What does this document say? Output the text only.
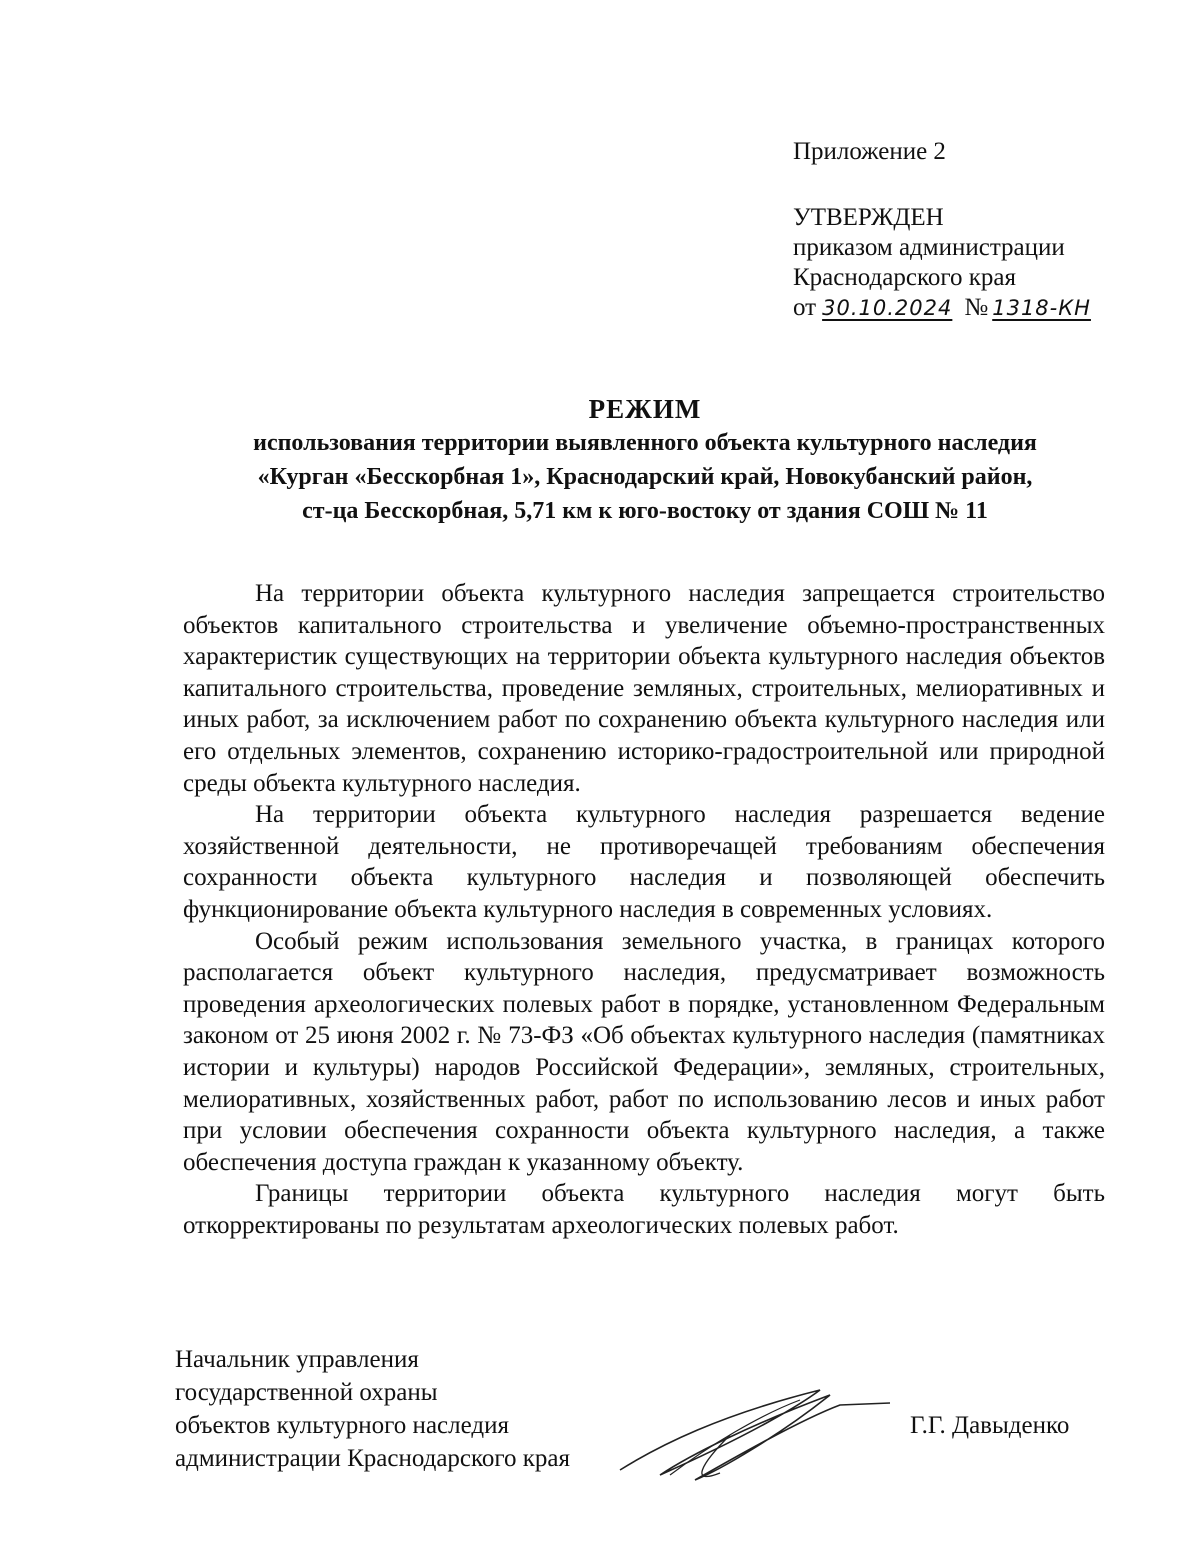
Приложение 2
УТВЕРЖДЕН
приказом администрации
Краснодарского края
от 30.10.2024 № 1318-КН
РЕЖИМ
использования территории выявленного объекта культурного наследия
«Курган «Бесскорбная 1», Краснодарский край, Новокубанский район,
ст-ца Бесскорбная, 5,71 км к юго-востоку от здания СОШ № 11

На территории объекта культурного наследия запрещается строительство объектов капитального строительства и увеличение объемно-пространственных характеристик существующих на территории объекта культурного наследия объектов капитального строительства, проведение земляных, строительных, мелиоративных и иных работ, за исключением работ по сохранению объекта культурного наследия или его отдельных элементов, сохранению историко-градостроительной или природной среды объекта культурного наследия.

На территории объекта культурного наследия разрешается ведение хозяйственной деятельности, не противоречащей требованиям обеспечения сохранности объекта культурного наследия и позволяющей обеспечить функционирование объекта культурного наследия в современных условиях.

Особый режим использования земельного участка, в границах которого располагается объект культурного наследия, предусматривает возможность проведения археологических полевых работ в порядке, установленном Федеральным законом от 25 июня 2002 г. № 73-ФЗ «Об объектах культурного наследия (памятниках истории и культуры) народов Российской Федерации», земляных, строительных, мелиоративных, хозяйственных работ, работ по использованию лесов и иных работ при условии обеспечения сохранности объекта культурного наследия, а также обеспечения доступа граждан к указанному объекту.

Границы территории объекта культурного наследия могут быть откорректированы по результатам археологических полевых работ.

Начальник управления
государственной охраны
объектов культурного наследия
администрации Краснодарского края
Г.Г. Давыденко
